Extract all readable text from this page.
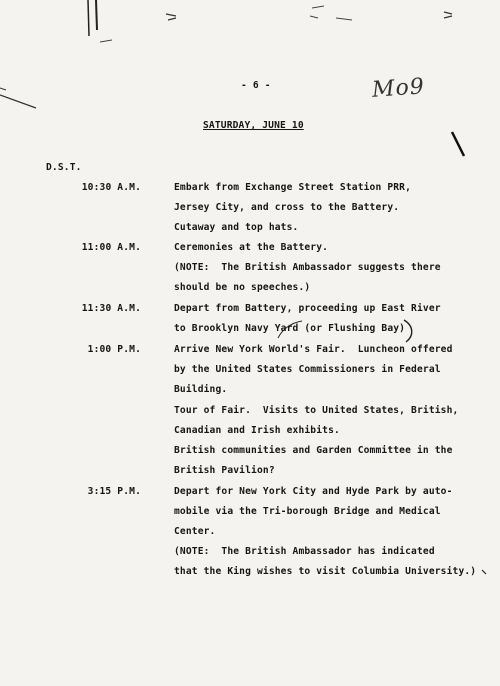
- 6 -	Mo9
SATURDAY, JUNE 10
D.S.T.
10:30 A.M.	Embark from Exchange Street Station PRR,
Jersey City, and cross to the Battery.
Cutaway and top hats.
11:00 A.M.	Ceremonies at the Battery.
(NOTE:  The British Ambassador suggests there
should be no speeches.)
11:30 A.M.	Depart from Battery, proceeding up East River
to Brooklyn Navy Yard (or Flushing Bay)
1:00 P.M.	Arrive New York World's Fair.  Luncheon offered
by the United States Commissioners in Federal
Building.
Tour of Fair.  Visits to United States, British,
Canadian and Irish exhibits.
British communities and Garden Committee in the
British Pavilion?
3:15 P.M.	Depart for New York City and Hyde Park by auto-
mobile via the Tri-borough Bridge and Medical
Center.
(NOTE:  The British Ambassador has indicated
that the King wishes to visit Columbia University.)
